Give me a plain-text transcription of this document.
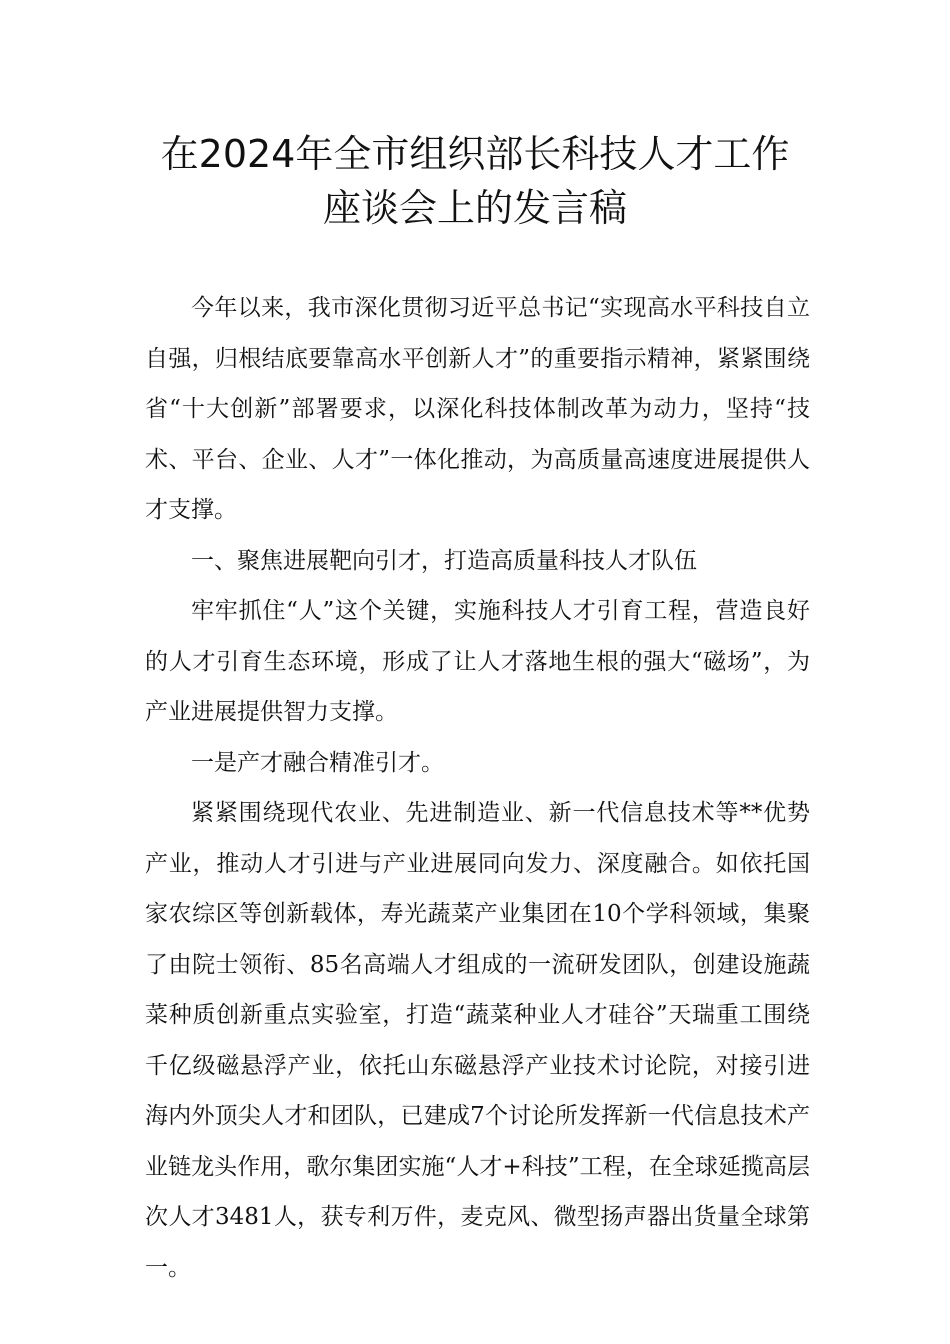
在2024年全市组织部长科技人才工作
座谈会上的发言稿

今年以来，我市深化贯彻习近平总书记“实现高水平科技自立自强，归根结底要靠高水平创新人才”的重要指示精神，紧紧围绕省“十大创新”部署要求，以深化科技体制改革为动力，坚持“技术、平台、企业、人才”一体化推动，为高质量高速度进展提供人才支撑。

一、聚焦进展靶向引才，打造高质量科技人才队伍

牢牢抓住“人”这个关键，实施科技人才引育工程，营造良好的人才引育生态环境，形成了让人才落地生根的强大“磁场”，为产业进展提供智力支撑。

一是产才融合精准引才。

紧紧围绕现代农业、先进制造业、新一代信息技术等**优势产业，推动人才引进与产业进展同向发力、深度融合。如依托国家农综区等创新载体，寿光蔬菜产业集团在10个学科领域，集聚了由院士领衔、85名高端人才组成的一流研发团队，创建设施蔬菜种质创新重点实验室，打造“蔬菜种业人才硅谷”天瑞重工围绕千亿级磁悬浮产业，依托山东磁悬浮产业技术讨论院，对接引进海内外顶尖人才和团队，已建成7个讨论所发挥新一代信息技术产业链龙头作用，歌尔集团实施“人才+科技”工程，在全球延揽高层次人才3481人，获专利万件，麦克风、微型扬声器出货量全球第一。
